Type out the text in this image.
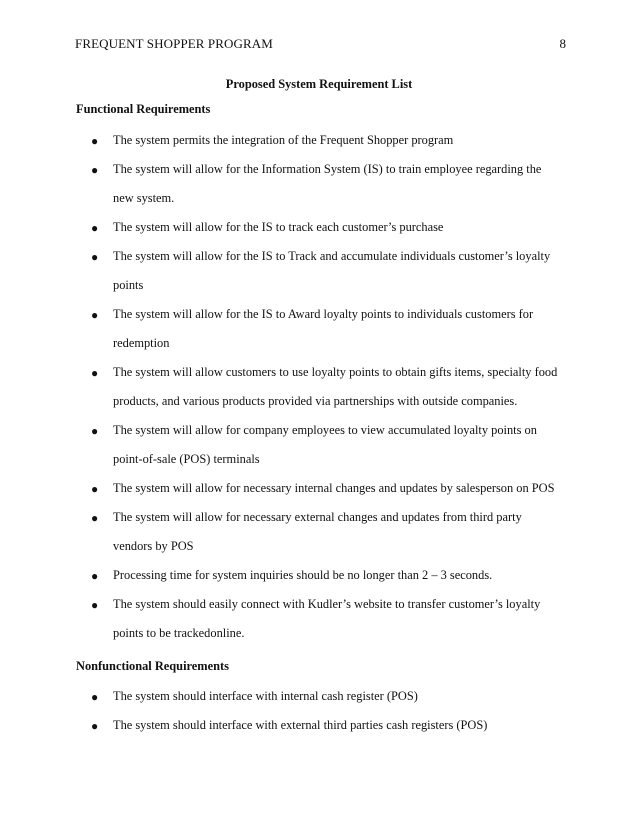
FREQUENT SHOPPER PROGRAM	8
Proposed System Requirement List
Functional Requirements
● The system permits the integration of the Frequent Shopper program
● The system will allow for the Information System (IS) to train employee regarding the
new system.
● The system will allow for the IS to track each customer’s purchase
● The system will allow for the IS to Track and accumulate individuals customer’s loyalty
points
● The system will allow for the IS to Award loyalty points to individuals customers for
redemption
● The system will allow customers to use loyalty points to obtain gifts items, specialty food
products, and various products provided via partnerships with outside companies.
● The system will allow for company employees to view accumulated loyalty points on
point-of-sale (POS) terminals
● The system will allow for necessary internal changes and updates by salesperson on POS
● The system will allow for necessary external changes and updates from third party
vendors by POS
● Processing time for system inquiries should be no longer than 2 – 3 seconds.
● The system should easily connect with Kudler’s website to transfer customer’s loyalty
points to be trackedonline.
Nonfunctional Requirements
● The system should interface with internal cash register (POS)
● The system should interface with external third parties cash registers (POS)
